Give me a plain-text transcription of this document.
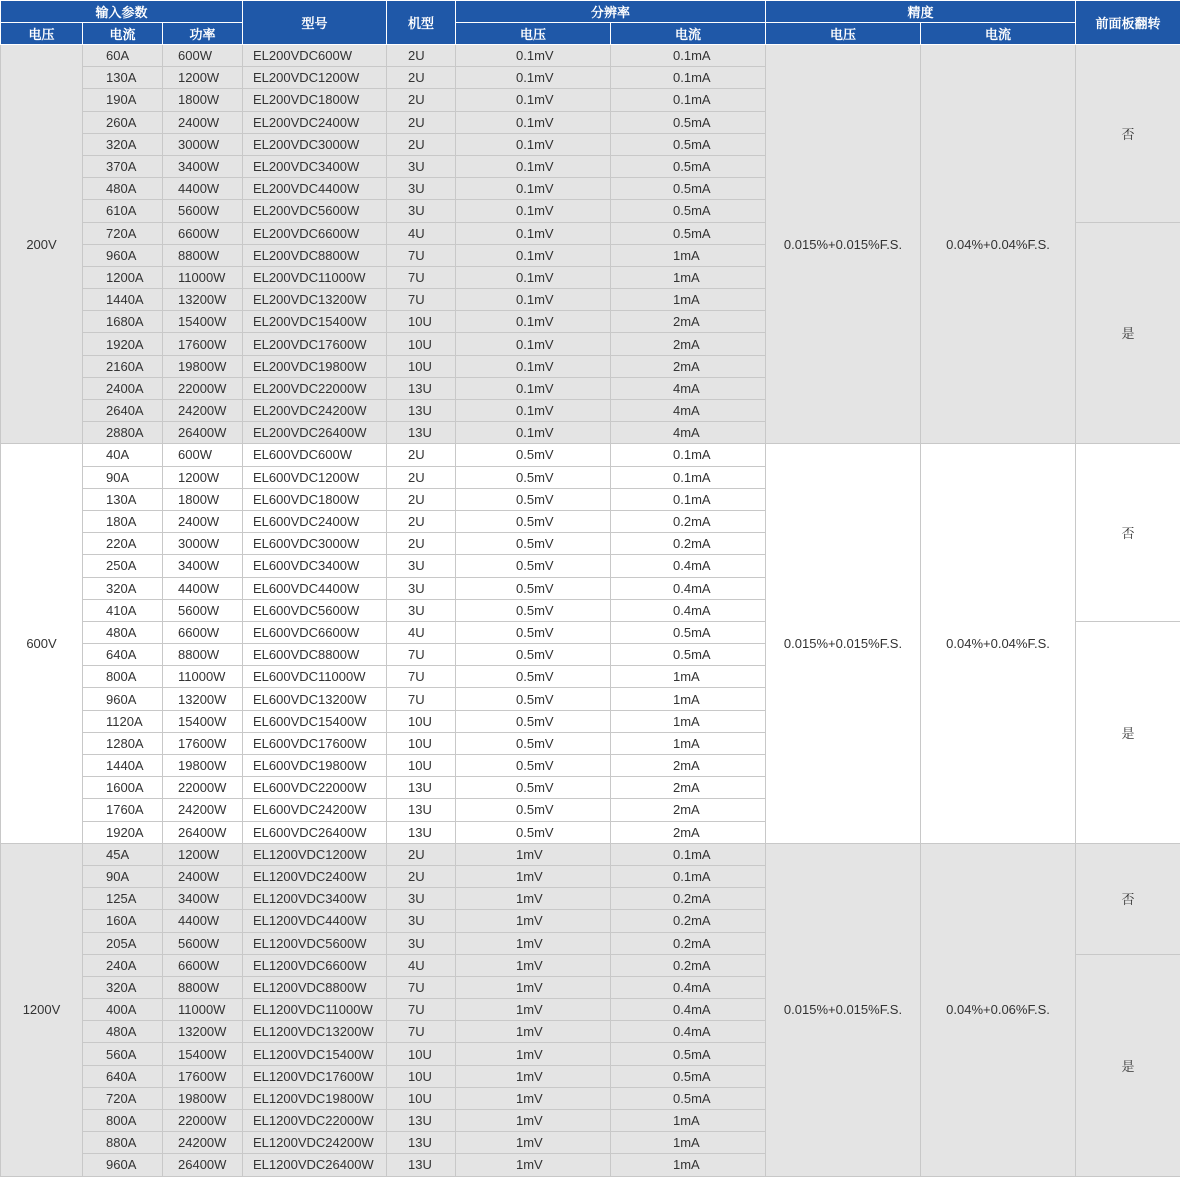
输入参数			型号	机型	分辨率		精度		前面板翻转
电压	电流	功率			电压	电流	电压	电流	
200V	60A	600W	EL200VDC600W	2U	0.1mV	0.1mA	0.015%+0.015%F.S.	0.04%+0.04%F.S.	否
	130A	1200W	EL200VDC1200W	2U	0.1mV	0.1mA			
	190A	1800W	EL200VDC1800W	2U	0.1mV	0.1mA			
	260A	2400W	EL200VDC2400W	2U	0.1mV	0.5mA			
	320A	3000W	EL200VDC3000W	2U	0.1mV	0.5mA			
	370A	3400W	EL200VDC3400W	3U	0.1mV	0.5mA			
	480A	4400W	EL200VDC4400W	3U	0.1mV	0.5mA			
	610A	5600W	EL200VDC5600W	3U	0.1mV	0.5mA			
	720A	6600W	EL200VDC6600W	4U	0.1mV	0.5mA			是
	960A	8800W	EL200VDC8800W	7U	0.1mV	1mA			
	1200A	11000W	EL200VDC11000W	7U	0.1mV	1mA			
	1440A	13200W	EL200VDC13200W	7U	0.1mV	1mA			
	1680A	15400W	EL200VDC15400W	10U	0.1mV	2mA			
	1920A	17600W	EL200VDC17600W	10U	0.1mV	2mA			
	2160A	19800W	EL200VDC19800W	10U	0.1mV	2mA			
	2400A	22000W	EL200VDC22000W	13U	0.1mV	4mA			
	2640A	24200W	EL200VDC24200W	13U	0.1mV	4mA			
	2880A	26400W	EL200VDC26400W	13U	0.1mV	4mA			
600V	40A	600W	EL600VDC600W	2U	0.5mV	0.1mA	0.015%+0.015%F.S.	0.04%+0.04%F.S.	否
	90A	1200W	EL600VDC1200W	2U	0.5mV	0.1mA			
	130A	1800W	EL600VDC1800W	2U	0.5mV	0.1mA			
	180A	2400W	EL600VDC2400W	2U	0.5mV	0.2mA			
	220A	3000W	EL600VDC3000W	2U	0.5mV	0.2mA			
	250A	3400W	EL600VDC3400W	3U	0.5mV	0.4mA			
	320A	4400W	EL600VDC4400W	3U	0.5mV	0.4mA			
	410A	5600W	EL600VDC5600W	3U	0.5mV	0.4mA			
	480A	6600W	EL600VDC6600W	4U	0.5mV	0.5mA			是
	640A	8800W	EL600VDC8800W	7U	0.5mV	0.5mA			
	800A	11000W	EL600VDC11000W	7U	0.5mV	1mA			
	960A	13200W	EL600VDC13200W	7U	0.5mV	1mA			
	1120A	15400W	EL600VDC15400W	10U	0.5mV	1mA			
	1280A	17600W	EL600VDC17600W	10U	0.5mV	1mA			
	1440A	19800W	EL600VDC19800W	10U	0.5mV	2mA			
	1600A	22000W	EL600VDC22000W	13U	0.5mV	2mA			
	1760A	24200W	EL600VDC24200W	13U	0.5mV	2mA			
	1920A	26400W	EL600VDC26400W	13U	0.5mV	2mA			
1200V	45A	1200W	EL1200VDC1200W	2U	1mV	0.1mA	0.015%+0.015%F.S.	0.04%+0.06%F.S.	否
	90A	2400W	EL1200VDC2400W	2U	1mV	0.1mA			
	125A	3400W	EL1200VDC3400W	3U	1mV	0.2mA			
	160A	4400W	EL1200VDC4400W	3U	1mV	0.2mA			
	205A	5600W	EL1200VDC5600W	3U	1mV	0.2mA			
	240A	6600W	EL1200VDC6600W	4U	1mV	0.2mA			是
	320A	8800W	EL1200VDC8800W	7U	1mV	0.4mA			
	400A	11000W	EL1200VDC11000W	7U	1mV	0.4mA			
	480A	13200W	EL1200VDC13200W	7U	1mV	0.4mA			
	560A	15400W	EL1200VDC15400W	10U	1mV	0.5mA			
	640A	17600W	EL1200VDC17600W	10U	1mV	0.5mA			
	720A	19800W	EL1200VDC19800W	10U	1mV	0.5mA			
	800A	22000W	EL1200VDC22000W	13U	1mV	1mA			
	880A	24200W	EL1200VDC24200W	13U	1mV	1mA			
	960A	26400W	EL1200VDC26400W	13U	1mV	1mA			
